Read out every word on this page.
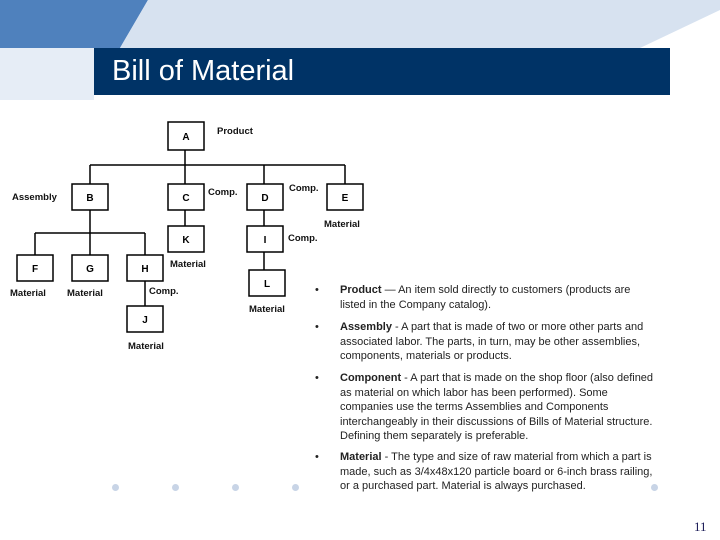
Bill of Material
A
B	C	D	E
K	I
F	G	H
L
J
Product
Assembly	Comp.	Comp.
Material
Comp.
Material
Material Material	Comp.
Material
Material
• Product — An item sold directly to customers (products are listed in the Company catalog).
• Assembly - A part that is made of two or more other parts and associated labor. The parts, in turn, may be other assemblies, components, materials or products.
• Component - A part that is made on the shop floor (also defined as material on which labor has been performed). Some companies use the terms Assemblies and Components interchangeably in their discussions of Bills of Material structure. Defining them separately is preferable.
• Material - The type and size of raw material from which a part is made, such as 3/4x48x120 particle board or 6-inch brass railing, or a purchased part. Material is always purchased.
11
